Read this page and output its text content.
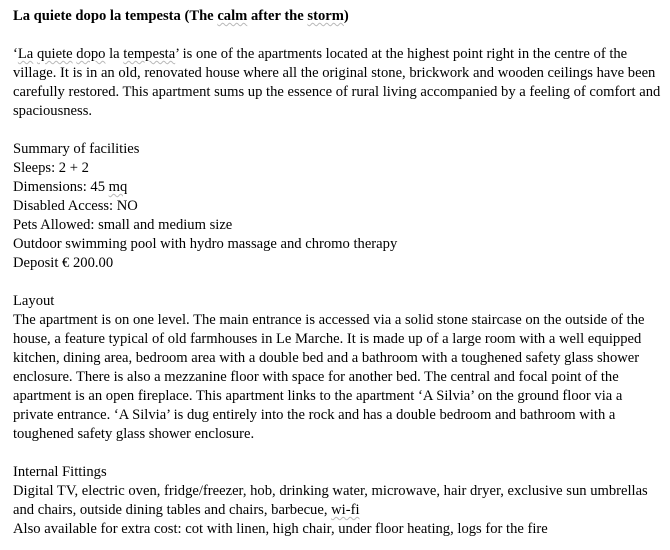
La quiete dopo la tempesta (The calm after the storm)

‘La quiete dopo la tempesta’ is one of the apartments located at the highest point right in the centre of the village. It is in an old, renovated house where all the original stone, brickwork and wooden ceilings have been carefully restored. This apartment sums up the essence of rural living accompanied by a feeling of comfort and spaciousness.

Summary of facilities

Sleeps: 2 + 2

Dimensions: 45 mq

Disabled Access: NO

Pets Allowed: small and medium size

Outdoor swimming pool with hydro massage and chromo therapy

Deposit € 200.00

Layout

The apartment is on one level. The main entrance is accessed via a solid stone staircase on the outside of the house, a feature typical of old farmhouses in Le Marche. It is made up of a large room with a well equipped kitchen, dining area, bedroom area with a double bed and a bathroom with a toughened safety glass shower enclosure. There is also a mezzanine floor with space for another bed. The central and focal point of the apartment is an open fireplace. This apartment links to the apartment ‘A Silvia’ on the ground floor via a private entrance. ‘A Silvia’ is dug entirely into the rock and has a double bedroom and bathroom with a toughened safety glass shower enclosure.

Internal Fittings

Digital TV, electric oven, fridge/freezer, hob, drinking water, microwave, hair dryer, exclusive sun umbrellas and chairs, outside dining tables and chairs, barbecue, wi-fi

Also available for extra cost: cot with linen, high chair, under floor heating, logs for the fire
